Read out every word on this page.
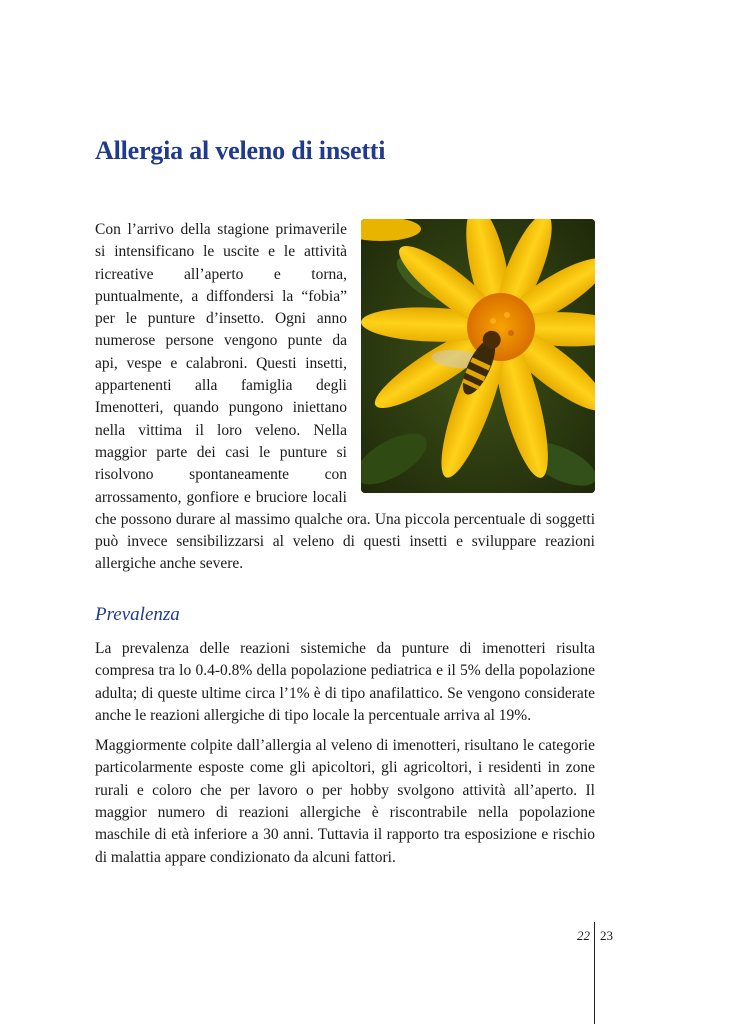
Allergia al veleno di insetti
Con l’arrivo della stagione primaverile si intensificano le uscite e le attività ricreative all’aperto e torna, puntualmente, a diffondersi la “fobia” per le punture d’insetto. Ogni anno numerose persone vengono punte da api, vespe e calabroni. Questi insetti, appartenenti alla famiglia degli Imenotteri, quando pungono iniettano nella vittima il loro veleno. Nella maggior parte dei casi le punture si risolvono spontaneamente con arrossamento, gonfiore e bruciore locali che possono durare al massimo qualche ora. Una piccola percentuale di soggetti può invece sensibilizzarsi al veleno di questi insetti e sviluppare reazioni allergiche anche severe.
Prevalenza

La prevalenza delle reazioni sistemiche da punture di imenotteri risulta compresa tra lo 0.4-0.8% della popolazione pediatrica e il 5% della popolazione adulta; di queste ultime circa l’1% è di tipo anafilattico. Se vengono considerate anche le reazioni allergiche di tipo locale la percentuale arriva al 19%.

Maggiormente colpite dall’allergia al veleno di imenotteri, risultano le categorie particolarmente esposte come gli apicoltori, gli agricoltori, i residenti in zone rurali e coloro che per lavoro o per hobby svolgono attività all’aperto. Il maggior numero di reazioni allergiche è riscontrabile nella popolazione maschile di età inferiore a 30 anni. Tuttavia il rapporto tra esposizione e rischio di malattia appare condizionato da alcuni fattori.

22 23
